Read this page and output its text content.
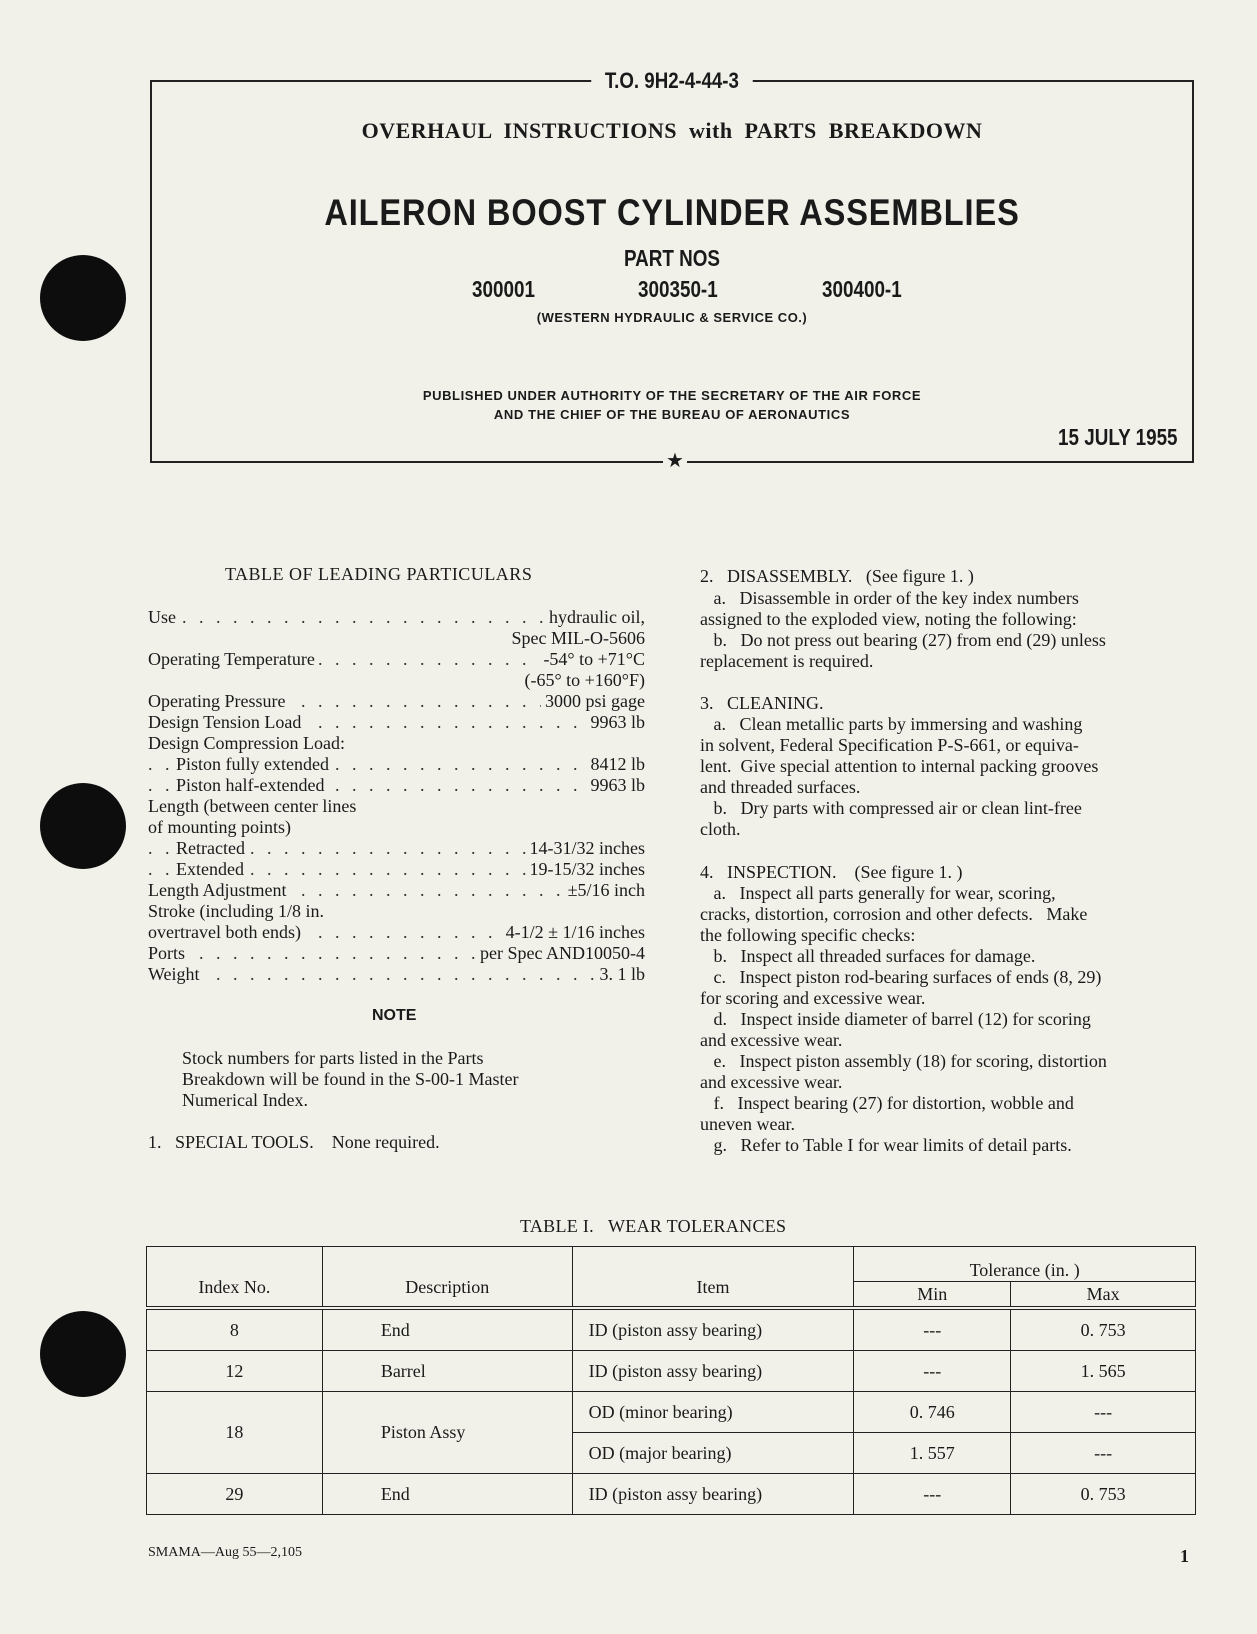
T.O. 9H2-4-44-3
OVERHAUL  INSTRUCTIONS  with  PARTS  BREAKDOWN
AILERON BOOST CYLINDER ASSEMBLIES
PART NOS
300001	300350-1	300400-1
(WESTERN HYDRAULIC & SERVICE CO.)
PUBLISHED UNDER AUTHORITY OF THE SECRETARY OF THE AIR FORCE
AND THE CHIEF OF THE BUREAU OF AERONAUTICS
15 JULY 1955
★
TABLE OF LEADING PARTICULARS
. . .
Use	hydraulic oil,
Spec MIL-O-5606
. . .
Operating Temperature	-54° to +71°C
(-65° to +160°F)
. . .
Operating Pressure	3000 psi gage
. . .
Design Tension Load	9963 lb
Design Compression Load:
. . .
Piston fully extended	8412 lb
. . .
Piston half-extended	9963 lb
Length (between center lines
of mounting points)
. . .
Retracted	14-31/32 inches
. . .
Extended	19-15/32 inches
. . .
Length Adjustment	±5/16 inch
Stroke (including 1/8 in.
. . .
overtravel both ends)	4-1/2 ± 1/16 inches
. . .
Ports	per Spec AND10050-4
. . .
Weight	3. 1 lb
NOTE
Stock numbers for parts listed in the Parts
Breakdown will be found in the S-00-1 Master
Numerical Index.
1.   SPECIAL TOOLS.    None required.
2.   DISASSEMBLY.   (See figure 1. )
a.   Disassemble in order of the key index numbers
assigned to the exploded view, noting the following:
b.   Do not press out bearing (27) from end (29) unless
replacement is required.
3.   CLEANING.
a.   Clean metallic parts by immersing and washing
in solvent, Federal Specification P-S-661, or equiva-
lent.  Give special attention to internal packing grooves
and threaded surfaces.
b.   Dry parts with compressed air or clean lint-free
cloth.
4.   INSPECTION.    (See figure 1. )
a.   Inspect all parts generally for wear, scoring,
cracks, distortion, corrosion and other defects.   Make
the following specific checks:
b.   Inspect all threaded surfaces for damage.
c.   Inspect piston rod-bearing surfaces of ends (8, 29)
for scoring and excessive wear.
d.   Inspect inside diameter of barrel (12) for scoring
and excessive wear.
e.   Inspect piston assembly (18) for scoring, distortion
and excessive wear.
f.   Inspect bearing (27) for distortion, wobble and
uneven wear.
g.   Refer to Table I for wear limits of detail parts.
TABLE I.   WEAR TOLERANCES
Index No.	Description	Item	Tolerance (in. )	
			Min	Max
8	End	ID (piston assy bearing)	---	0. 753
12	Barrel	ID (piston assy bearing)	---	1. 565
18	Piston Assy	OD (minor bearing)	0. 746	---
		OD (major bearing)	1. 557	---
29	End	ID (piston assy bearing)	---	0. 753
SMAMA—Aug 55—2,105	1
